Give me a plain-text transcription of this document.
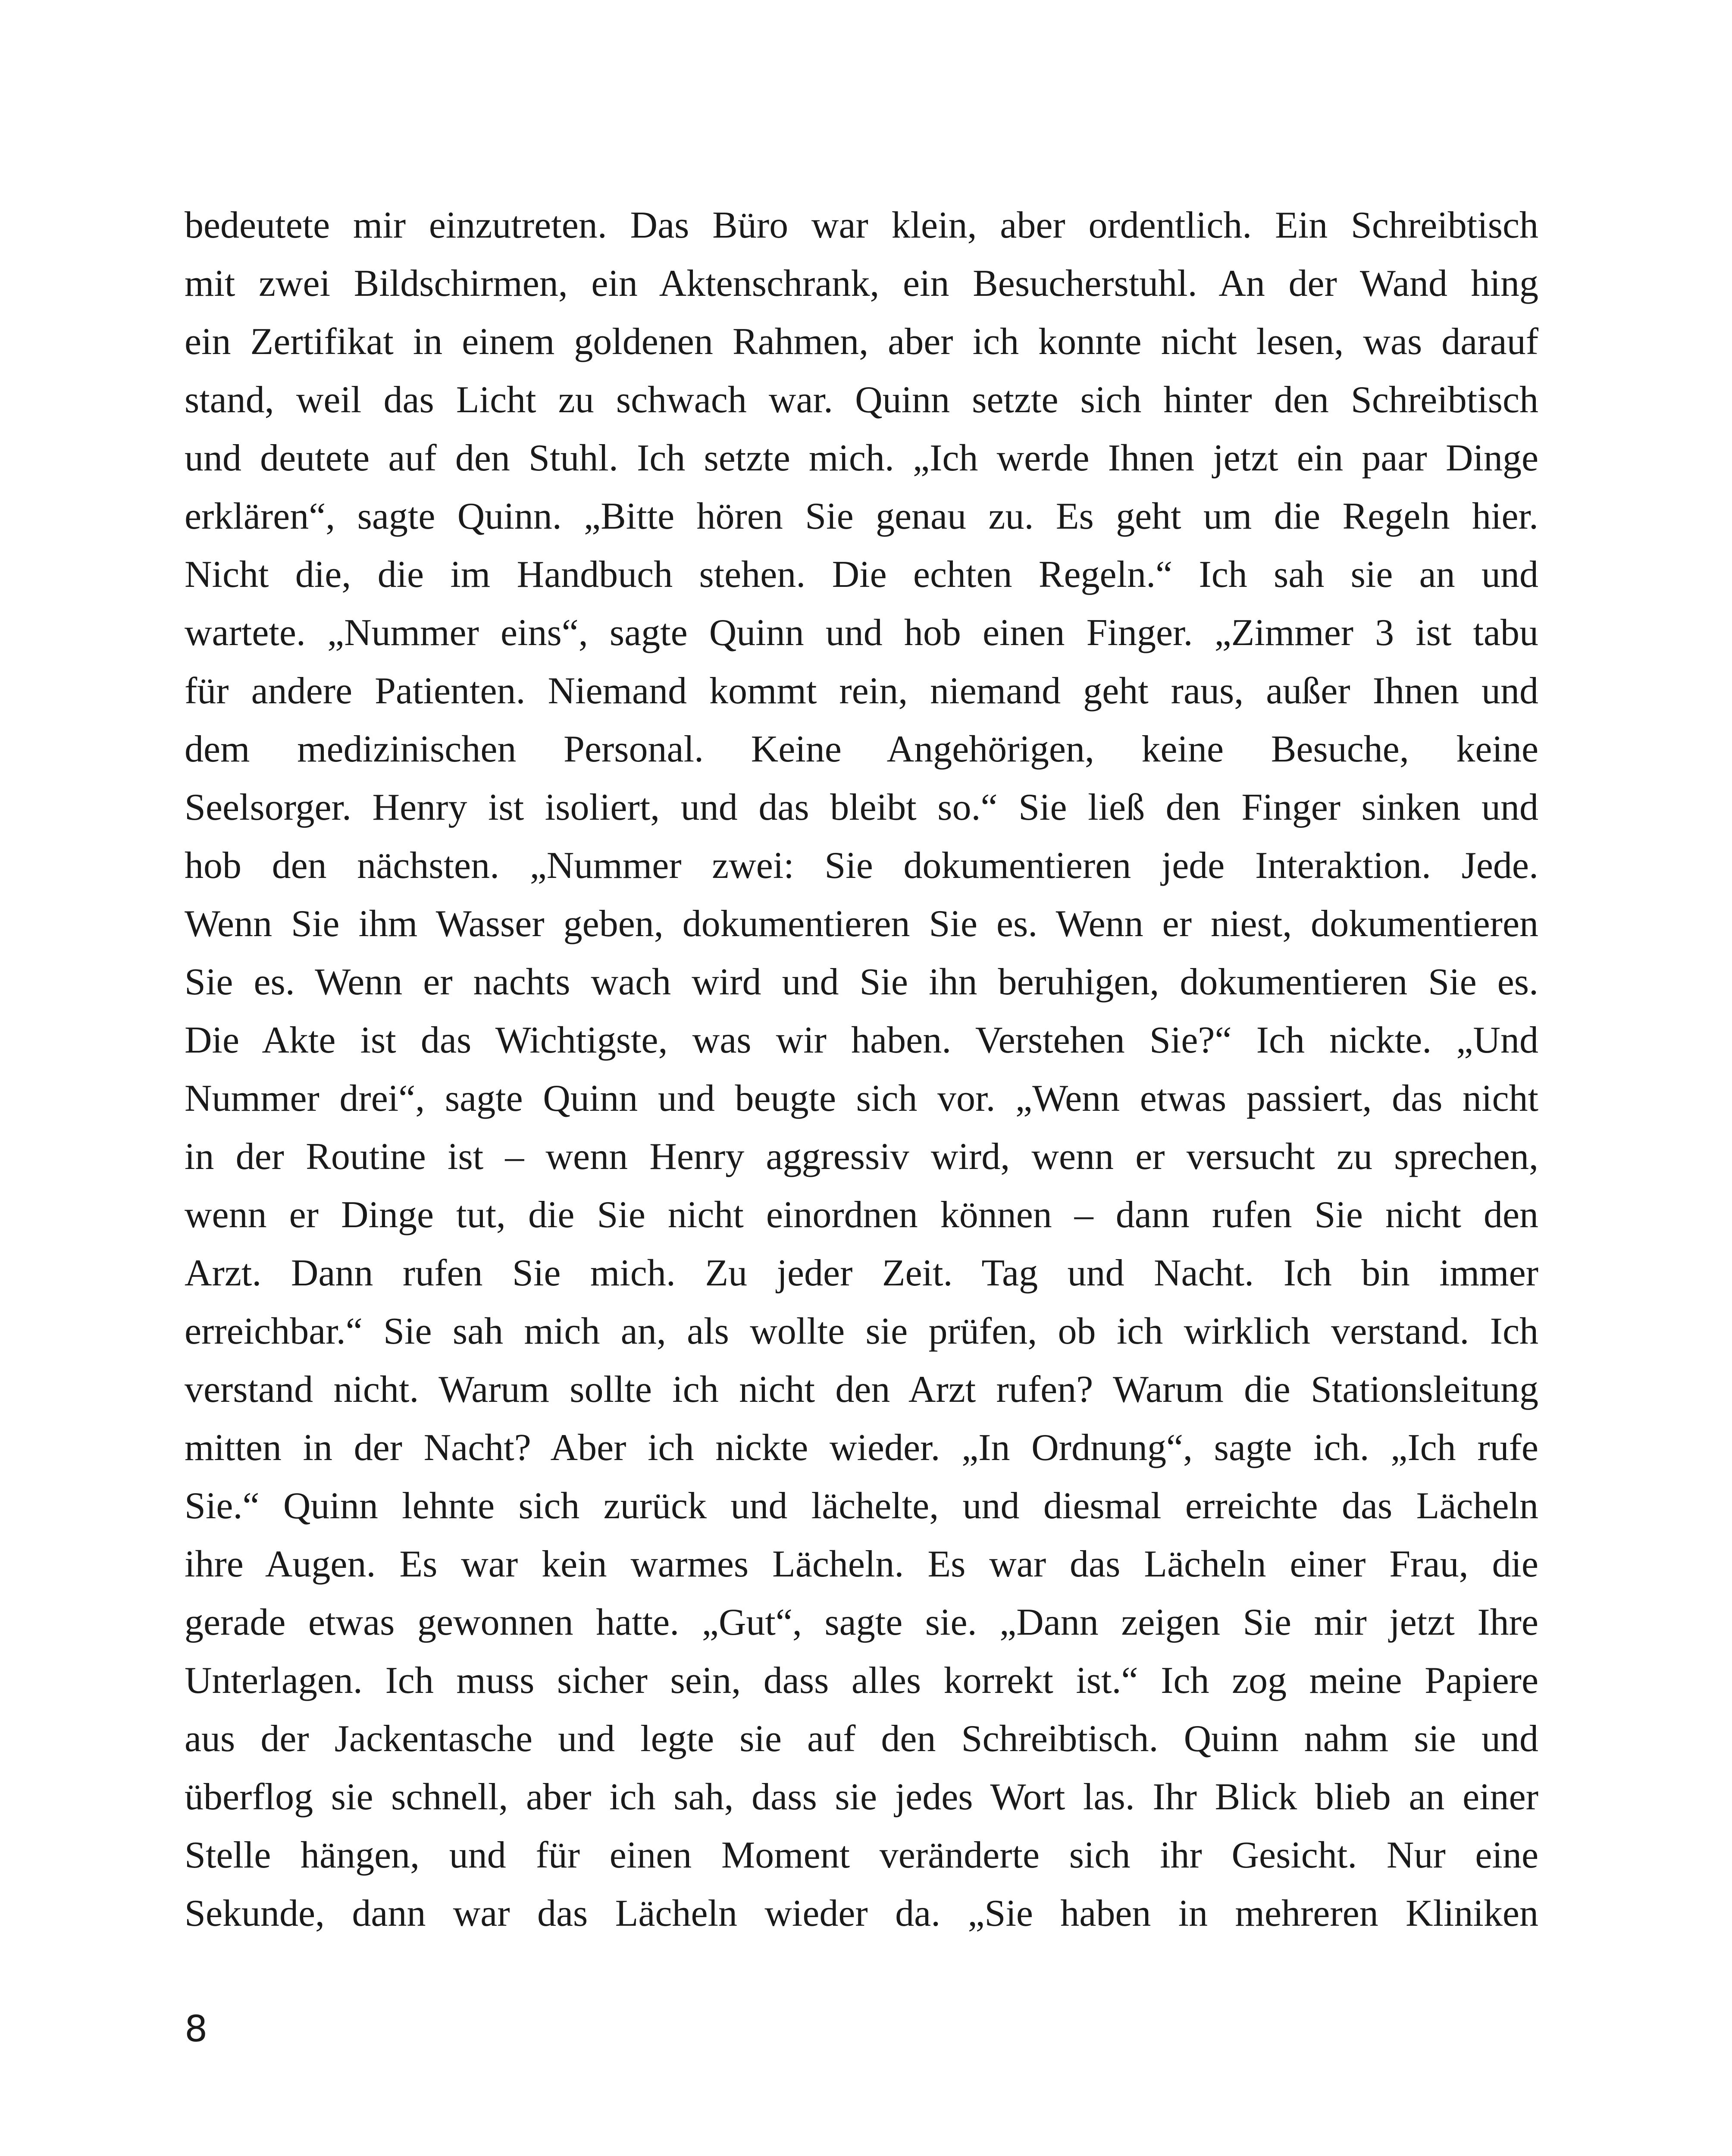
bedeutete mir einzutreten. Das Büro war klein, aber ordentlich. Ein Schreibtisch
mit zwei Bildschirmen, ein Aktenschrank, ein Besucherstuhl. An der Wand hing
ein Zertifikat in einem goldenen Rahmen, aber ich konnte nicht lesen, was darauf
stand, weil das Licht zu schwach war. Quinn setzte sich hinter den Schreibtisch
und deutete auf den Stuhl. Ich setzte mich. „Ich werde Ihnen jetzt ein paar Dinge
erklären“, sagte Quinn. „Bitte hören Sie genau zu. Es geht um die Regeln hier.
Nicht die, die im Handbuch stehen. Die echten Regeln.“ Ich sah sie an und
wartete. „Nummer eins“, sagte Quinn und hob einen Finger. „Zimmer 3 ist tabu
für andere Patienten. Niemand kommt rein, niemand geht raus, außer Ihnen und
dem medizinischen Personal. Keine Angehörigen, keine Besuche, keine
Seelsorger. Henry ist isoliert, und das bleibt so.“ Sie ließ den Finger sinken und
hob den nächsten. „Nummer zwei: Sie dokumentieren jede Interaktion. Jede.
Wenn Sie ihm Wasser geben, dokumentieren Sie es. Wenn er niest, dokumentieren
Sie es. Wenn er nachts wach wird und Sie ihn beruhigen, dokumentieren Sie es.
Die Akte ist das Wichtigste, was wir haben. Verstehen Sie?“ Ich nickte. „Und
Nummer drei“, sagte Quinn und beugte sich vor. „Wenn etwas passiert, das nicht
in der Routine ist – wenn Henry aggressiv wird, wenn er versucht zu sprechen,
wenn er Dinge tut, die Sie nicht einordnen können – dann rufen Sie nicht den
Arzt. Dann rufen Sie mich. Zu jeder Zeit. Tag und Nacht. Ich bin immer
erreichbar.“ Sie sah mich an, als wollte sie prüfen, ob ich wirklich verstand. Ich
verstand nicht. Warum sollte ich nicht den Arzt rufen? Warum die Stationsleitung
mitten in der Nacht? Aber ich nickte wieder. „In Ordnung“, sagte ich. „Ich rufe
Sie.“ Quinn lehnte sich zurück und lächelte, und diesmal erreichte das Lächeln
ihre Augen. Es war kein warmes Lächeln. Es war das Lächeln einer Frau, die
gerade etwas gewonnen hatte. „Gut“, sagte sie. „Dann zeigen Sie mir jetzt Ihre
Unterlagen. Ich muss sicher sein, dass alles korrekt ist.“ Ich zog meine Papiere
aus der Jackentasche und legte sie auf den Schreibtisch. Quinn nahm sie und
überflog sie schnell, aber ich sah, dass sie jedes Wort las. Ihr Blick blieb an einer
Stelle hängen, und für einen Moment veränderte sich ihr Gesicht. Nur eine
Sekunde, dann war das Lächeln wieder da. „Sie haben in mehreren Kliniken
8
